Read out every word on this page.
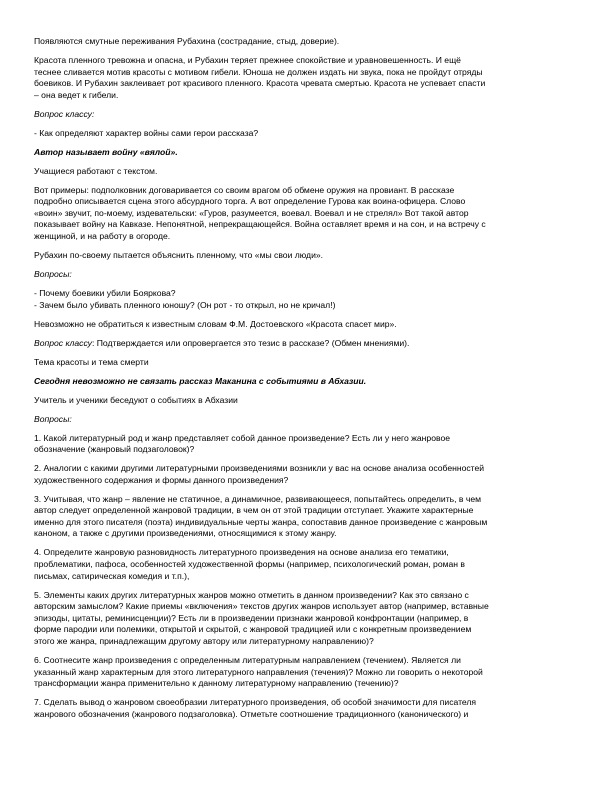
Появляются смутные переживания Рубахина (сострадание, стыд, доверие).

Красота пленного тревожна и опасна, и Рубахин теряет прежнее спокойствие и уравновешенность. И ещё
теснее сливается мотив красоты с мотивом гибели. Юноша не должен издать ни звука, пока не пройдут отряды
боевиков. И Рубахин заклеивает рот красивого пленного. Красота чревата смертью. Красота не успевает спасти
– она ведет к гибели.

Вопрос классу:

- Как определяют характер войны сами герои рассказа?

Автор называет войну «вялой».

Учащиеся работают с текстом.

Вот примеры: подполковник договаривается со своим врагом об обмене оружия на провиант. В рассказе
подробно описывается сцена этого абсурдного торга. А вот определение Гурова как воина-офицера. Слово
«воин» звучит, по-моему, издевательски: «Гуров, разумеется, воевал. Воевал и не стрелял» Вот такой автор
показывает войну на Кавказе. Непонятной, непрекращающейся. Война оставляет время и на сон, и на встречу с
женщиной, и на работу в огороде.

Рубахин по-своему пытается объяснить пленному, что «мы свои люди».

Вопросы:

- Почему боевики убили Бояркова?
- Зачем было убивать пленного юношу? (Он рот - то открыл, но не кричал!)

Невозможно не обратиться к известным словам Ф.М. Достоевского «Красота спасет мир».

Вопрос классу: Подтверждается или опровергается это тезис в рассказе? (Обмен мнениями).

Тема красоты и тема смерти

Сегодня невозможно не связать рассказ Маканина с событиями в Абхазии.

Учитель и ученики беседуют о событиях в Абхазии

Вопросы:

1. Какой литературный род и жанр представляет собой данное произведение? Есть ли у него жанровое
обозначение (жанровый подзаголовок)?

2. Аналогии с какими другими литературными произведениями возникли у вас на основе анализа особенностей
художественного содержания и формы данного произведения?

3. Учитывая, что жанр – явление не статичное, а динамичное, развивающееся, попытайтесь определить, в чем
автор следует определенной жанровой традиции, в чем он от этой традиции отступает. Укажите характерные
именно для этого писателя (поэта) индивидуальные черты жанра, сопоставив данное произведение с жанровым
каноном, а также с другими произведениями, относящимися к этому жанру.

4. Определите жанровую разновидность литературного произведения на основе анализа его тематики,
проблематики, пафоса, особенностей художественной формы (например, психологический роман, роман в
письмах, сатирическая комедия и т.п.),

5. Элементы каких других литературных жанров можно отметить в данном произведении? Как это связано с
авторским замыслом? Какие приемы «включения» текстов других жанров использует автор (например, вставные
эпизоды, цитаты, реминисценции)? Есть ли в произведении признаки жанровой конфронтации (например, в
форме пародии или полемики, открытой и скрытой, с жанровой традицией или с конкретным произведением
этого же жанра, принадлежащим другому автору или литературному направлению)?

6. Соотнесите жанр произведения с определенным литературным направлением (течением). Является ли
указанный жанр характерным для этого литературного направления (течения)? Можно ли говорить о некоторой
трансформации жанра применительно к данному литературному направлению (течению)?

7. Сделать вывод о жанровом своеобразии литературного произведения, об особой значимости для писателя
жанрового обозначения (жанрового подзаголовка). Отметьте соотношение традиционного (канонического) и
